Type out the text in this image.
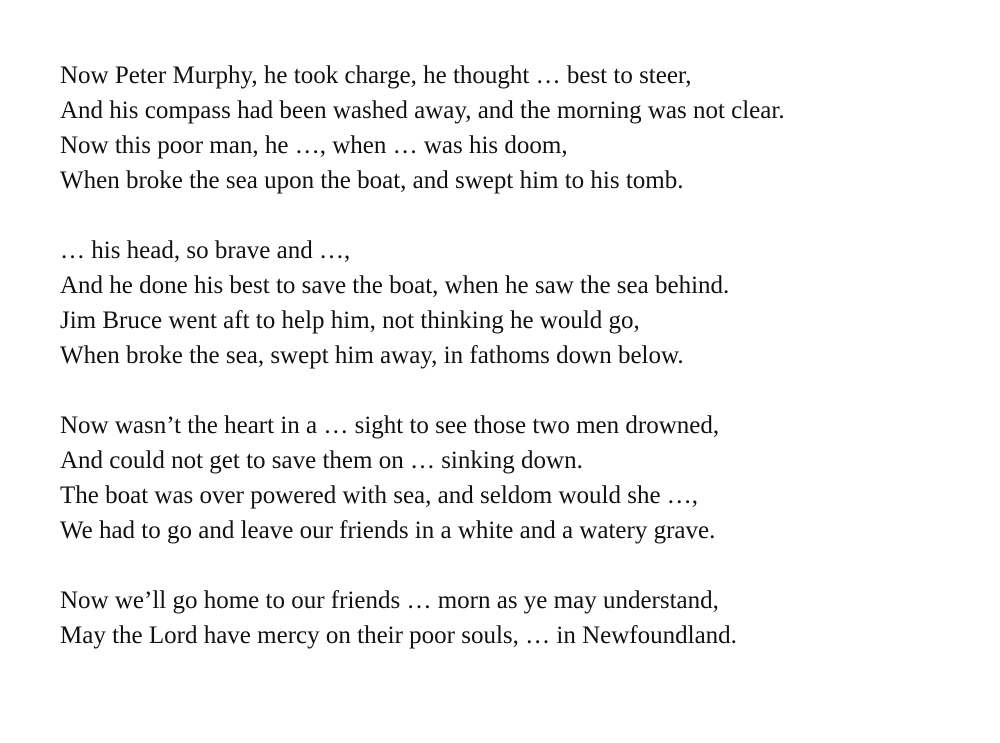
Now Peter Murphy, he took charge, he thought … best to steer,
And his compass had been washed away, and the morning was not clear.
Now this poor man, he …, when … was his doom,
When broke the sea upon the boat, and swept him to his tomb.
… his head, so brave and …,
And he done his best to save the boat, when he saw the sea behind.
Jim Bruce went aft to help him, not thinking he would go,
When broke the sea, swept him away, in fathoms down below.
Now wasn’t the heart in a … sight to see those two men drowned,
And could not get to save them on … sinking down.
The boat was over powered with sea, and seldom would she …,
We had to go and leave our friends in a white and a watery grave.
Now we’ll go home to our friends … morn as ye may understand,
May the Lord have mercy on their poor souls, … in Newfoundland.
